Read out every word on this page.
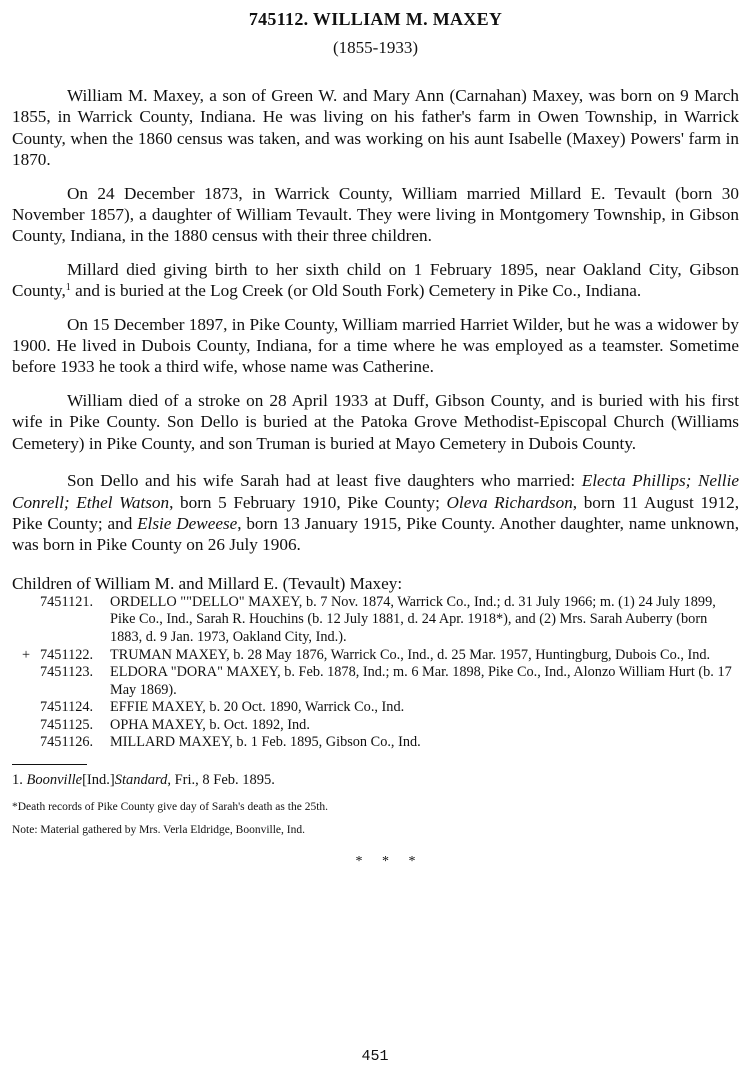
745112. WILLIAM M. MAXEY
(1855-1933)

William M. Maxey, a son of Green W. and Mary Ann (Carnahan) Maxey, was born on 9 March 1855, in Warrick County, Indiana. He was living on his father's farm in Owen Township, in Warrick County, when the 1860 census was taken, and was working on his aunt Isabelle (Maxey) Powers' farm in 1870.

On 24 December 1873, in Warrick County, William married Millard E. Tevault (born 30 November 1857), a daughter of William Tevault. They were living in Montgomery Township, in Gibson County, Indiana, in the 1880 census with their three children.

Millard died giving birth to her sixth child on 1 February 1895, near Oakland City, Gibson County,$^1$ and is buried at the Log Creek (or Old South Fork) Cemetery in Pike Co., Indiana.

On 15 December 1897, in Pike County, William married Harriet Wilder, but he was a widower by 1900. He lived in Dubois County, Indiana, for a time where he was employed as a teamster. Sometime before 1933 he took a third wife, whose name was Catherine.

William died of a stroke on 28 April 1933 at Duff, Gibson County, and is buried with his first wife in Pike County. Son Dello is buried at the Patoka Grove Methodist-Episcopal Church (Williams Cemetery) in Pike County, and son Truman is buried at Mayo Cemetery in Dubois County.

Son Dello and his wife Sarah had at least five daughters who married: Electa Phillips; Nellie Conrell; Ethel Watson, born 5 February 1910, Pike County; Oleva Richardson, born 11 August 1912, Pike County; and Elsie Deweese, born 13 January 1915, Pike County. Another daughter, name unknown, was born in Pike County on 26 July 1906.

Children of William M. and Millard E. (Tevault) Maxey:
7451121.	ORDELLO ""DELLO" MAXEY, b. 7 Nov. 1874, Warrick Co., Ind.; d. 31 July 1966; m. (1) 24 July 1899, Pike Co., Ind., Sarah R. Houchins (b. 12 July 1881, d. 24 Apr. 1918*), and (2) Mrs. Sarah Auberry (born 1883, d. 9 Jan. 1973, Oakland City, Ind.).
+ 7451122.	TRUMAN MAXEY, b. 28 May 1876, Warrick Co., Ind., d. 25 Mar. 1957, Huntingburg, Dubois Co., Ind.
7451123.	ELDORA "DORA" MAXEY, b. Feb. 1878, Ind.; m. 6 Mar. 1898, Pike Co., Ind., Alonzo William Hurt (b. 17 May 1869).
7451124.	EFFIE MAXEY, b. 20 Oct. 1890, Warrick Co., Ind.
7451125.	OPHA MAXEY, b. Oct. 1892, Ind.
7451126.	MILLARD MAXEY, b. 1 Feb. 1895, Gibson Co., Ind.
1. Boonville[Ind.]Standard, Fri., 8 Feb. 1895.
*Death records of Pike County give day of Sarah's death as the 25th.
Note: Material gathered by Mrs. Verla Eldridge, Boonville, Ind.
* * *
451
